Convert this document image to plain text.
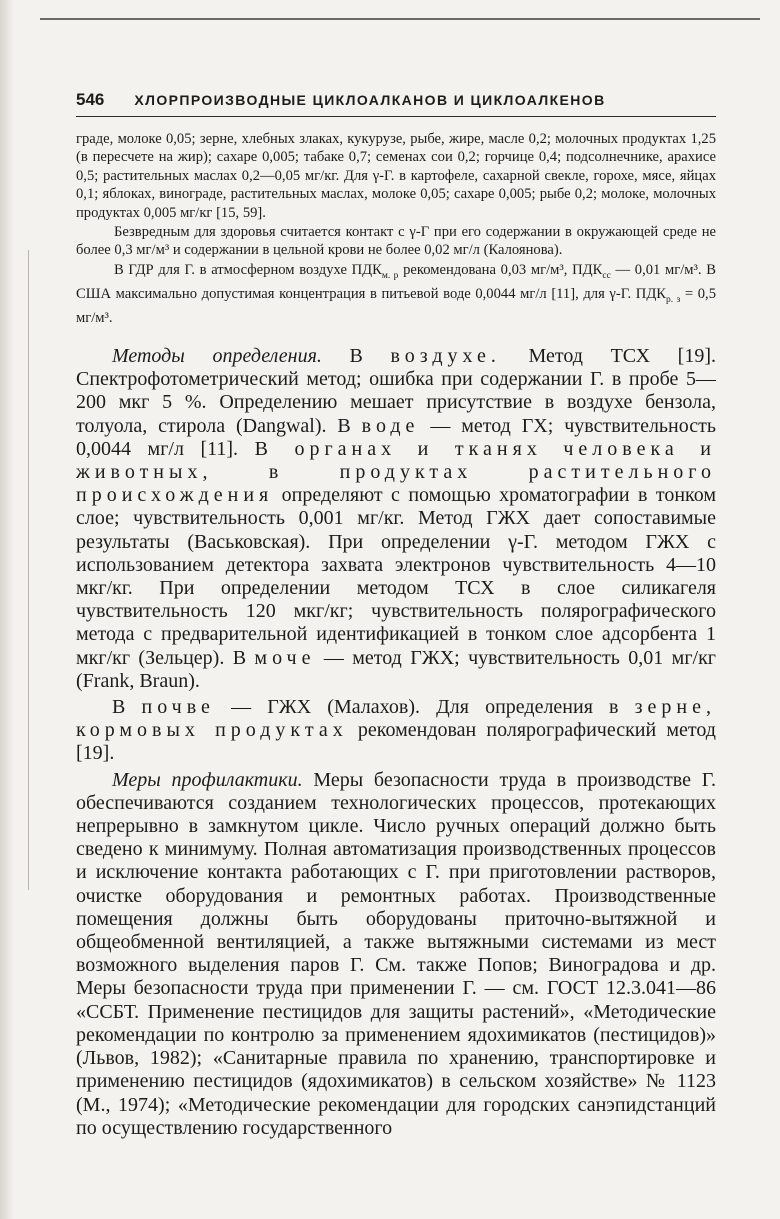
546 ХЛОРПРОИЗВОДНЫЕ ЦИКЛОАЛКАНОВ И ЦИКЛОАЛКЕНОВ

граде, молоке 0,05; зерне, хлебных злаках, кукурузе, рыбе, жире, масле 0,2; молочных продуктах 1,25 (в пересчете на жир); сахаре 0,005; табаке 0,7; семенах сои 0,2; горчице 0,4; подсолнечнике, арахисе 0,5; растительных маслах 0,2—0,05 мг/кг. Для γ-Г. в картофеле, сахарной свекле, горохе, мясе, яйцах 0,1; яблоках, винограде, растительных маслах, молоке 0,05; сахаре 0,005; рыбе 0,2; молоке, молочных продуктах 0,005 мг/кг [15, 59].

Безвредным для здоровья считается контакт с γ-Г при его содержании в окружающей среде не более 0,3 мг/м³ и содержании в цельной крови не более 0,02 мг/л (Калоянова).

В ГДР для Г. в атмосферном воздухе $ПДК_{м. р}$ рекомендована 0,03 мг/м³, $ПДК_{сс}$ — 0,01 мг/м³. В США максимально допустимая концентрация в питьевой воде 0,0044 мг/л [11], для γ-Г. $ПДК_{р. з} = 0,5$ мг/м³.

Методы определения. В воздухе. Метод ТСХ [19]. Спектрофотометрический метод; ошибка при содержании Г. в пробе 5—200 мкг 5 %. Определению мешает присутствие в воздухе бензола, толуола, стирола (Dangwal). В воде — метод ГХ; чувствительность 0,0044 мг/л [11]. В органах и тканях человека и животных, в продуктах растительного происхождения определяют с помощью хроматографии в тонком слое; чувствительность 0,001 мг/кг. Метод ГЖХ дает сопоставимые результаты (Васьковская). При определении γ-Г. методом ГЖХ с использованием детектора захвата электронов чувствительность 4—10 мкг/кг. При определении методом ТСХ в слое силикагеля чувствительность 120 мкг/кг; чувствительность полярографического метода с предварительной идентификацией в тонком слое адсорбента 1 мкг/кг (Зельцер). В моче — метод ГЖХ; чувствительность 0,01 мг/кг (Frank, Braun).

В почве — ГЖХ (Малахов). Для определения в зерне, кормовых продуктах рекомендован полярографический метод [19].

Меры профилактики. Меры безопасности труда в производстве Г. обеспечиваются созданием технологических процессов, протекающих непрерывно в замкнутом цикле. Число ручных операций должно быть сведено к минимуму. Полная автоматизация производственных процессов и исключение контакта работающих с Г. при приготовлении растворов, очистке оборудования и ремонтных работах. Производственные помещения должны быть оборудованы приточно-вытяжной и общеобменной вентиляцией, а также вытяжными системами из мест возможного выделения паров Г. См. также Попов; Виноградова и др. Меры безопасности труда при применении Г. — см. ГОСТ 12.3.041—86 «ССБТ. Применение пестицидов для защиты растений», «Методические рекомендации по контролю за применением ядохимикатов (пестицидов)» (Львов, 1982); «Санитарные правила по хранению, транспортировке и применению пестицидов (ядохимикатов) в сельском хозяйстве» № 1123 (М., 1974); «Методические рекомендации для городских санэпидстанций по осуществлению государственного
